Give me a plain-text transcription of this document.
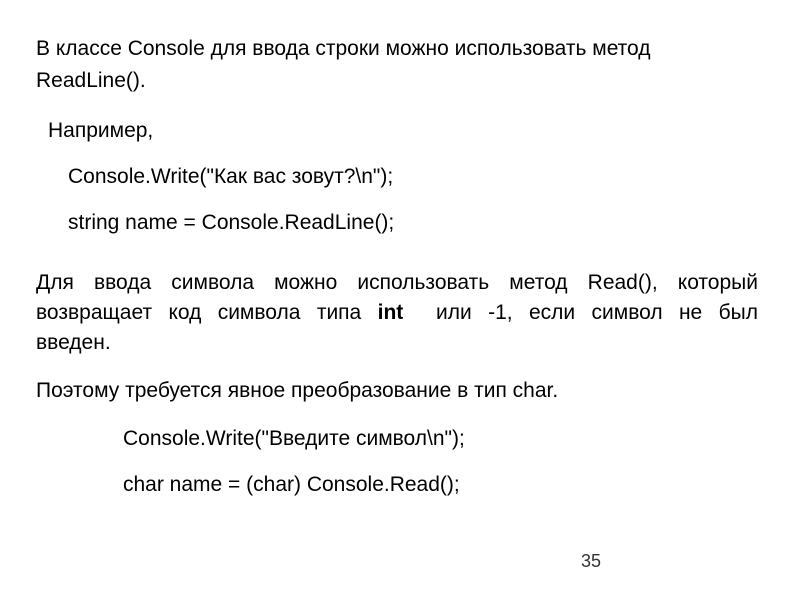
В классе Console для ввода строки можно использовать метод
ReadLine().
Например,
Console.Write("Как вас зовут?\n");
string name = Console.ReadLine();
Для ввода символа можно использовать метод Read(), который
возвращает код символа типа int или -1, если символ не был
введен.
Поэтому требуется явное преобразование в тип char.
Console.Write("Введите символ\n");
char name = (char) Console.Read();
35
